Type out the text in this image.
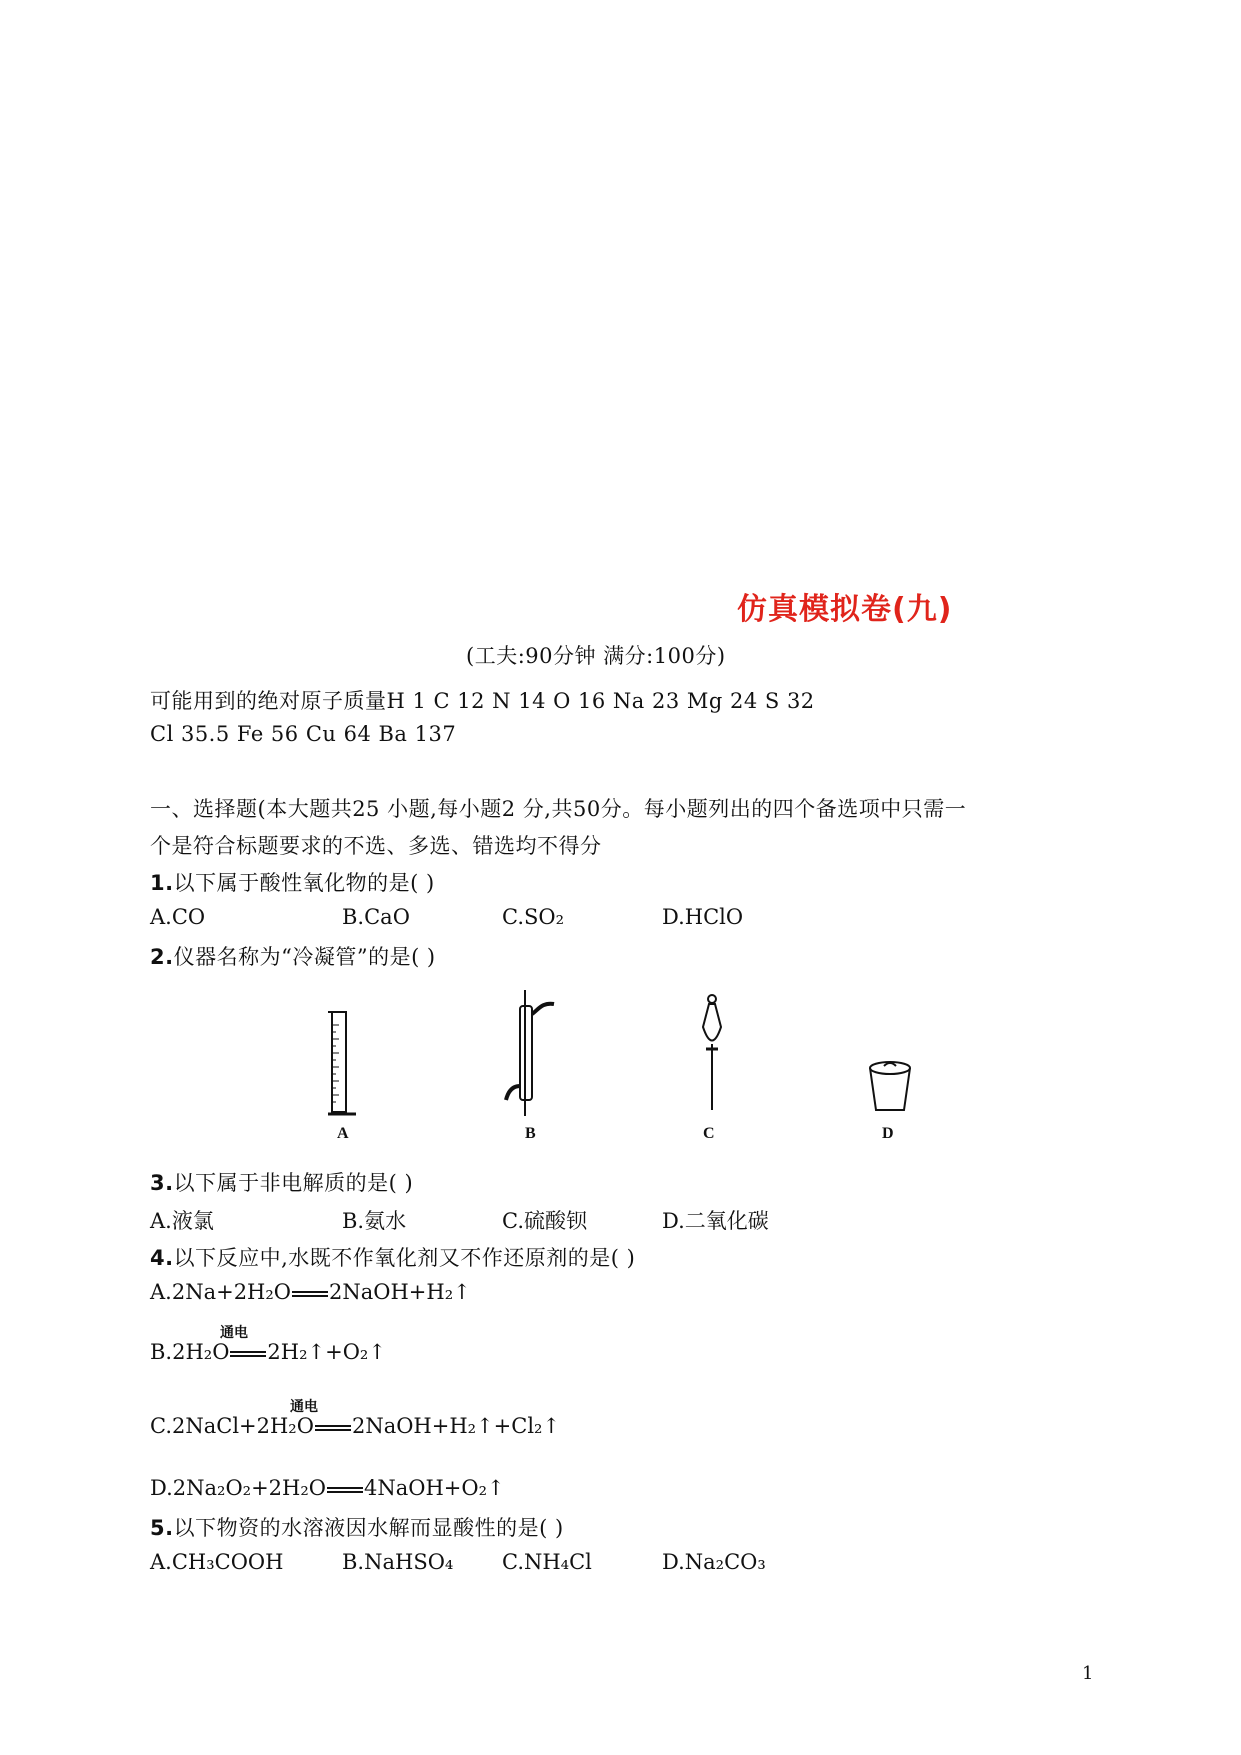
仿真模拟卷(九)
(工夫:90分钟 满分:100分)
可能用到的绝对原子质量H 1 C 12 N 14 O 16 Na 23 Mg 24 S 32
Cl 35.5 Fe 56 Cu 64 Ba 137
一、选择题(本大题共25 小题,每小题2 分,共50分。每小题列出的四个备选项中只需一
个是符合标题要求的不选、多选、错选均不得分
1.以下属于酸性氧化物的是( )
A.CO	B.CaO	C.SO₂	D.HClO
2.仪器名称为“冷凝管”的是( )
A	B	C	D
3.以下属于非电解质的是( )
A.液氯	B.氨水	C.硫酸钡	D.二氧化碳
4.以下反应中,水既不作氧化剂又不作还原剂的是( )
A.2Na+2H₂O 2NaOH+H₂↑
通电
B.2H₂O 2H₂↑+O₂↑
通电
C.2NaCl+2H₂O 2NaOH+H₂↑+Cl₂↑
D.2Na₂O₂+2H₂O 4NaOH+O₂↑
5.以下物资的水溶液因水解而显酸性的是( )
A.CH₃COOH	B.NaHSO₄ C.NH₄Cl	D.Na₂CO₃
1
